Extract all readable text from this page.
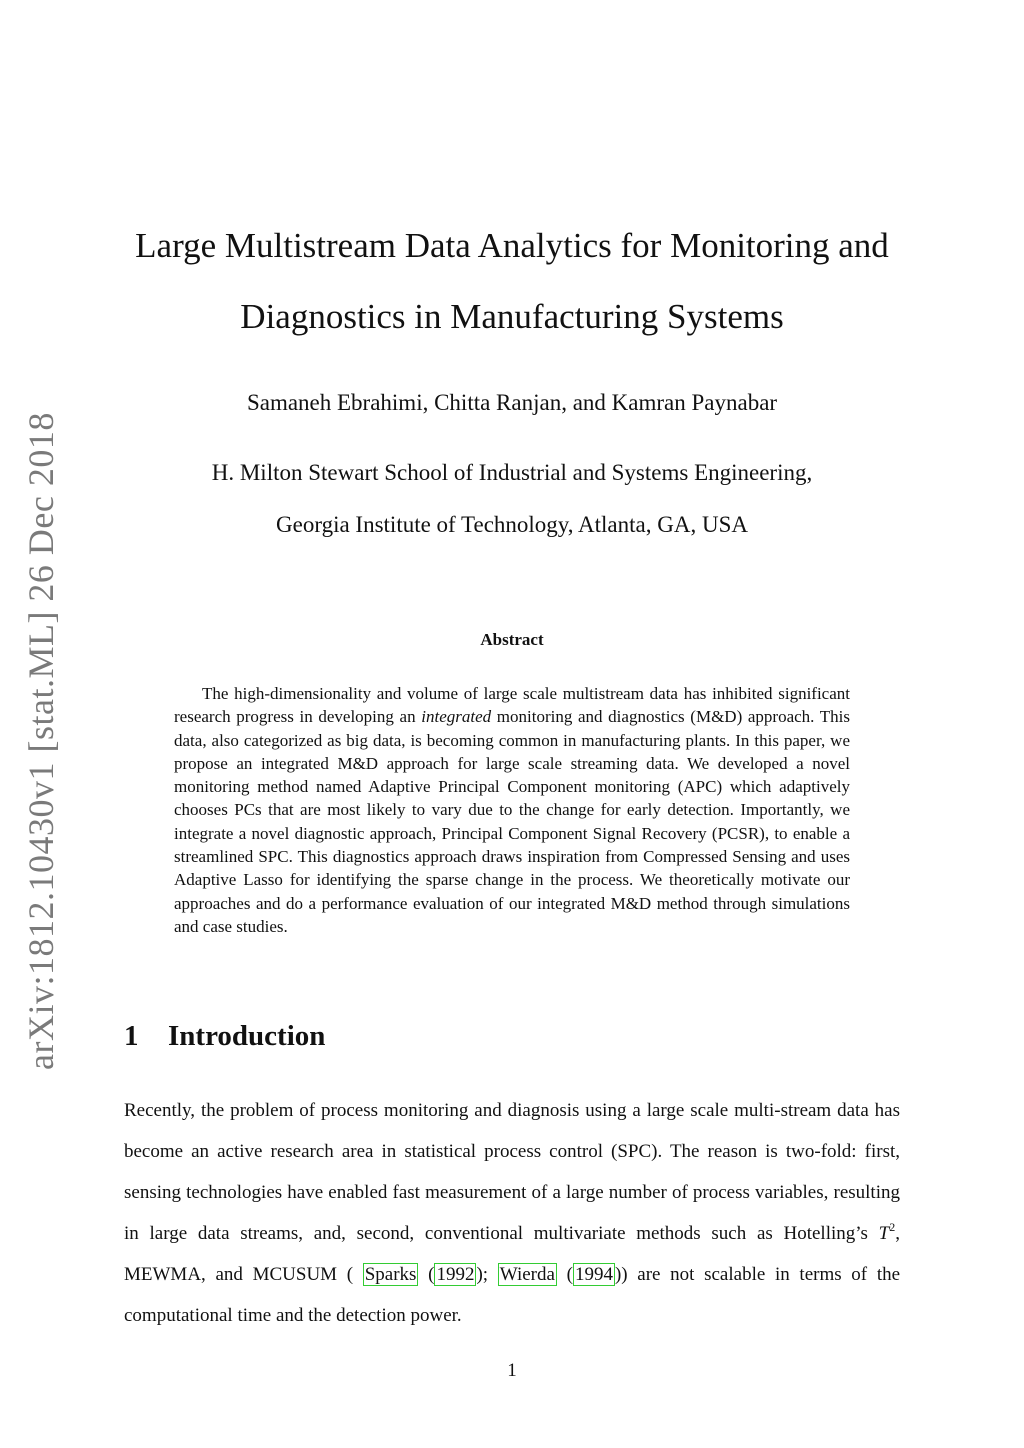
arXiv:1812.10430v1 [stat.ML] 26 Dec 2018
Large Multistream Data Analytics for Monitoring and
Diagnostics in Manufacturing Systems
Samaneh Ebrahimi, Chitta Ranjan, and Kamran Paynabar
H. Milton Stewart School of Industrial and Systems Engineering,
Georgia Institute of Technology, Atlanta, GA, USA
Abstract

The high-dimensionality and volume of large scale multistream data has inhibited significant research progress in developing an integrated monitoring and diagnostics (M&D) approach. This data, also categorized as big data, is becoming common in manufacturing plants. In this paper, we propose an integrated M&D approach for large scale streaming data. We developed a novel monitoring method named Adaptive Principal Component monitoring (APC) which adaptively chooses PCs that are most likely to vary due to the change for early detection. Importantly, we integrate a novel diagnostic approach, Principal Component Signal Recovery (PCSR), to enable a streamlined SPC. This diagnostics approach draws inspiration from Compressed Sensing and uses Adaptive Lasso for identifying the sparse change in the process. We theoretically motivate our approaches and do a performance evaluation of our integrated M&D method through simulations and case studies.

1 Introduction

Recently, the problem of process monitoring and diagnosis using a large scale multi-stream data has become an active research area in statistical process control (SPC). The reason is two-fold: first, sensing technologies have enabled fast measurement of a large number of process variables, resulting in large data streams, and, second, conventional multivariate methods such as Hotelling’s $T^2$, MEWMA, and MCUSUM ( Sparks ( 1992 ); Wierda ( 1994 )) are not scalable in terms of the computational time and the detection power.

1
